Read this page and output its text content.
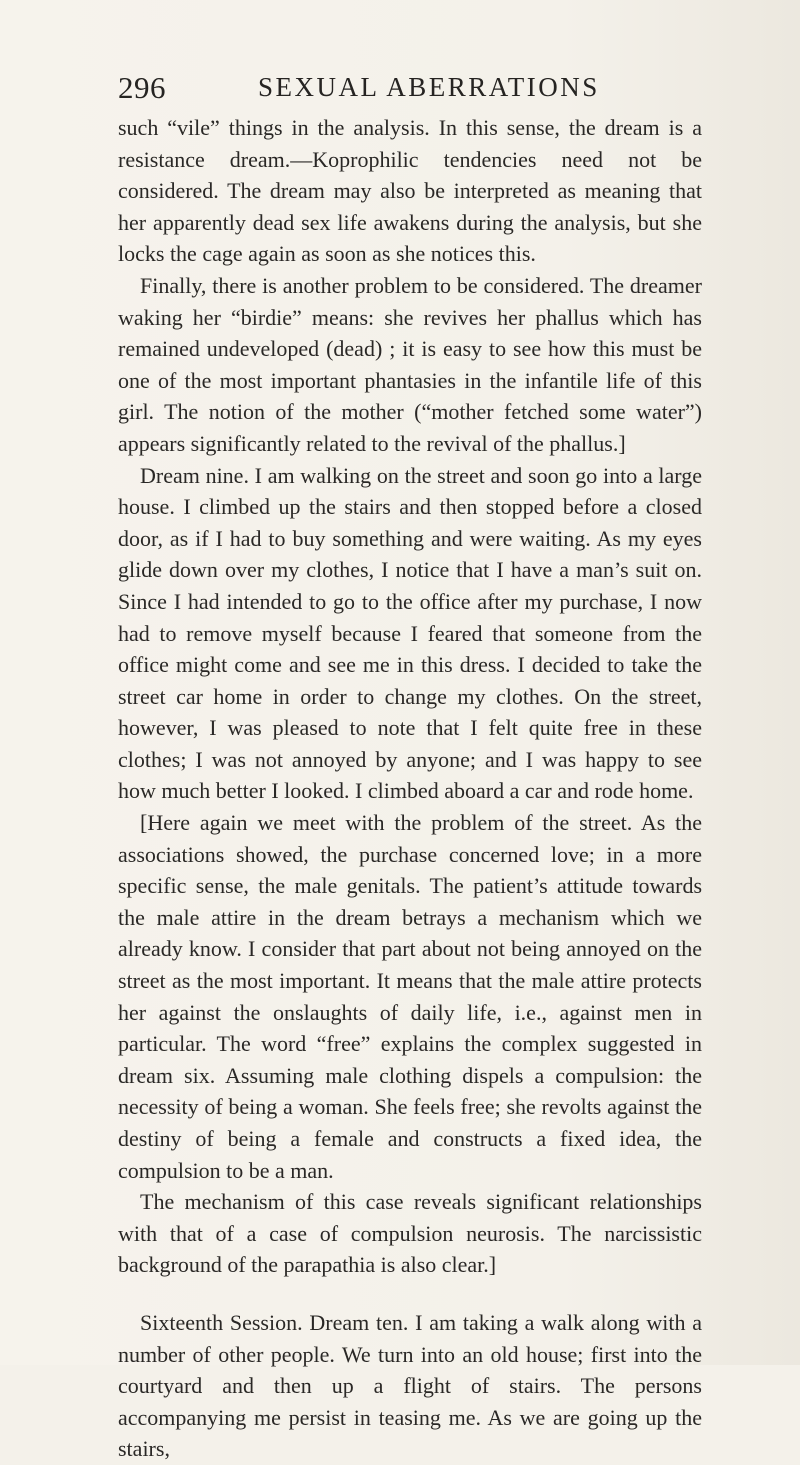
296	SEXUAL ABERRATIONS

such “vile” things in the analysis. In this sense, the dream is a resistance dream.—Koprophilic tendencies need not be considered. The dream may also be interpreted as meaning that her apparently dead sex life awakens during the analysis, but she locks the cage again as soon as she notices this.

Finally, there is another problem to be considered. The dreamer waking her “birdie” means: she revives her phallus which has remained undeveloped (dead) ; it is easy to see how this must be one of the most important phantasies in the infantile life of this girl. The notion of the mother (“mother fetched some water”) appears significantly related to the revival of the phallus.]

Dream nine. I am walking on the street and soon go into a large house. I climbed up the stairs and then stopped before a closed door, as if I had to buy something and were waiting. As my eyes glide down over my clothes, I notice that I have a man’s suit on. Since I had intended to go to the office after my purchase, I now had to remove myself because I feared that someone from the office might come and see me in this dress. I decided to take the street car home in order to change my clothes. On the street, however, I was pleased to note that I felt quite free in these clothes; I was not annoyed by anyone; and I was happy to see how much better I looked. I climbed aboard a car and rode home.

[Here again we meet with the problem of the street. As the associations showed, the purchase concerned love; in a more specific sense, the male genitals. The patient’s attitude towards the male attire in the dream betrays a mechanism which we already know. I consider that part about not being annoyed on the street as the most important. It means that the male attire protects her against the onslaughts of daily life, i.e., against men in particular. The word “free” explains the complex suggested in dream six. Assuming male clothing dispels a compulsion: the necessity of being a woman. She feels free; she revolts against the destiny of being a female and constructs a fixed idea, the compulsion to be a man.

The mechanism of this case reveals significant relationships with that of a case of compulsion neurosis. The narcissistic background of the parapathia is also clear.]

Sixteenth Session. Dream ten. I am taking a walk along with a number of other people. We turn into an old house; first into the courtyard and then up a flight of stairs. The persons accompanying me persist in teasing me. As we are going up the stairs,
